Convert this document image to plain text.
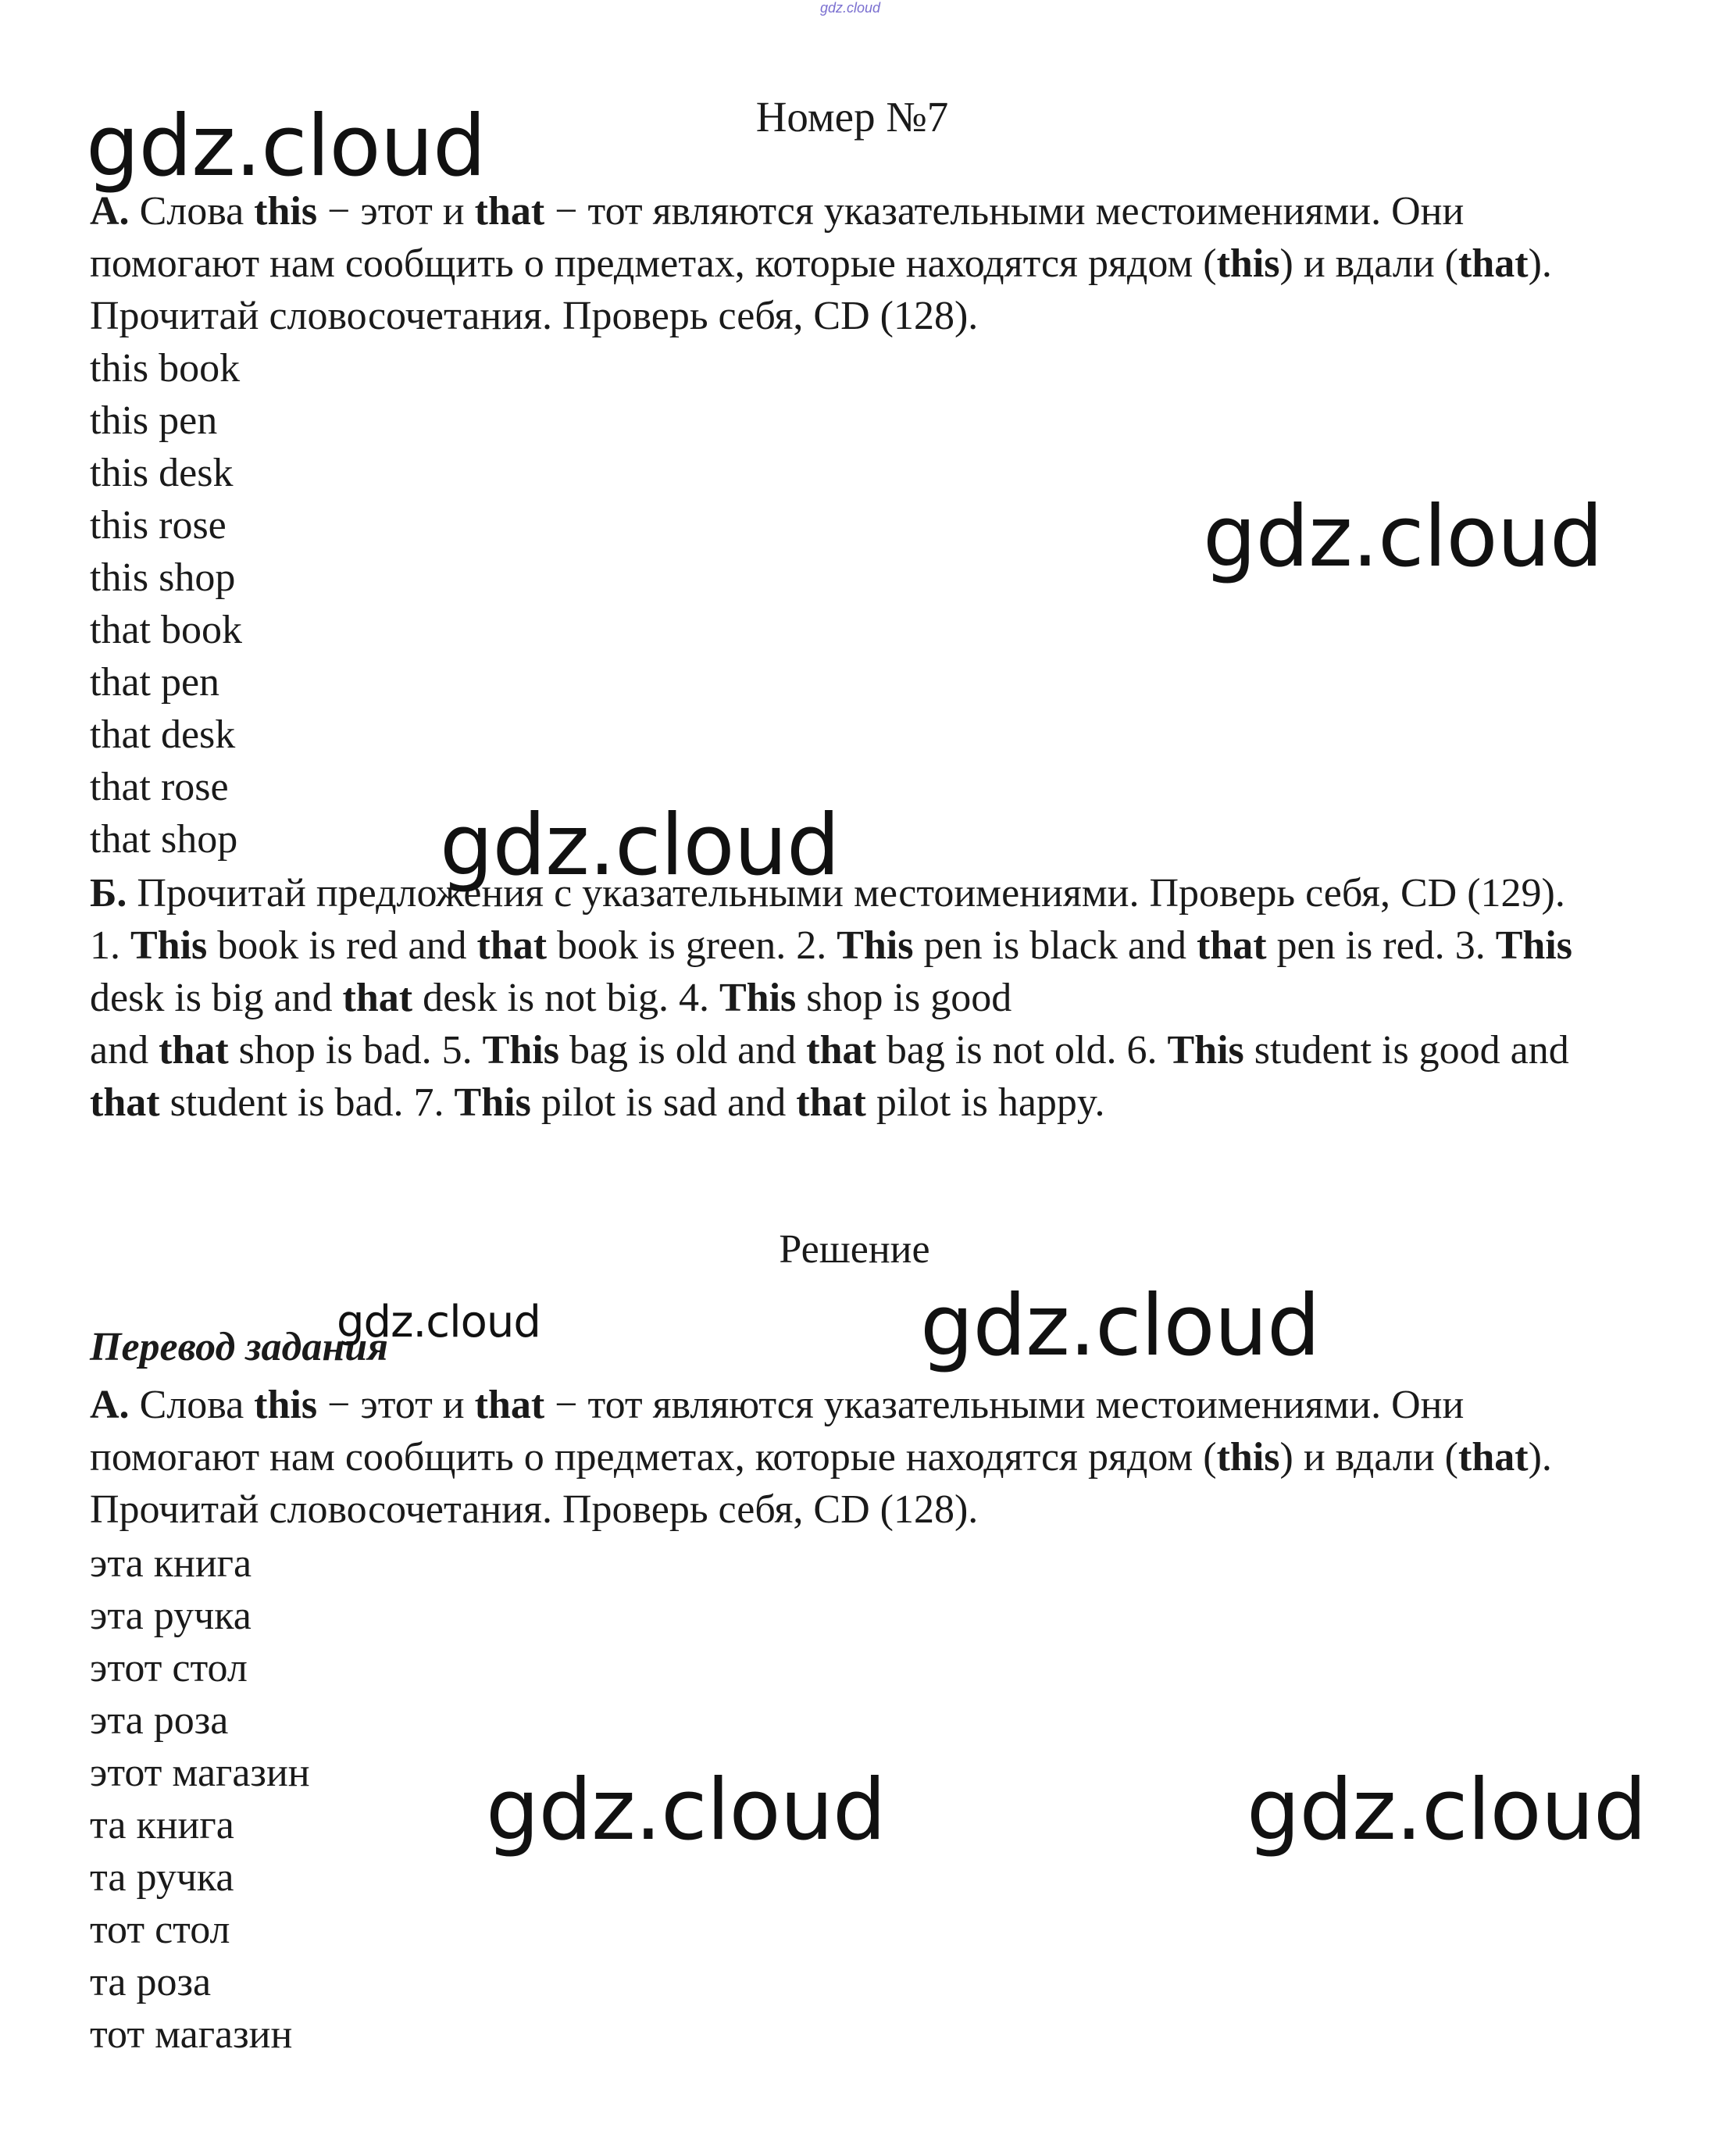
gdz.cloud
Номер №7

А. Слова this − этот и that − тот являются указательными местоимениями. Они помогают нам сообщить о предметах, которые находятся рядом (this) и вдали (that). Прочитай словосочетания. Проверь себя, CD (128).

this book
this pen
this desk
this rose
this shop
that book
that pen
that desk
that rose
that shop

Б. Прочитай предложения с указательными местоимениями. Проверь себя, CD (129).

1. This book is red and that book is green. 2. This pen is black and that pen is red. 3. This desk is big and that desk is not big. 4. This shop is good
and that shop is bad. 5. This bag is old and that bag is not old. 6. This student is good and that student is bad. 7. This pilot is sad and that pilot is happy.

Решение
Перевод задания

А. Слова this − этот и that − тот являются указательными местоимениями. Они помогают нам сообщить о предметах, которые находятся рядом (this) и вдали (that). Прочитай словосочетания. Проверь себя, CD (128).

эта книга
эта ручка
этот стол
эта роза
этот магазин
та книга
та ручка
тот стол
та роза
тот магазин
gdz.cloud
gdz.cloud
gdz.cloud
gdz.cloud	gdz.cloud
gdz.cloud	gdz.cloud
